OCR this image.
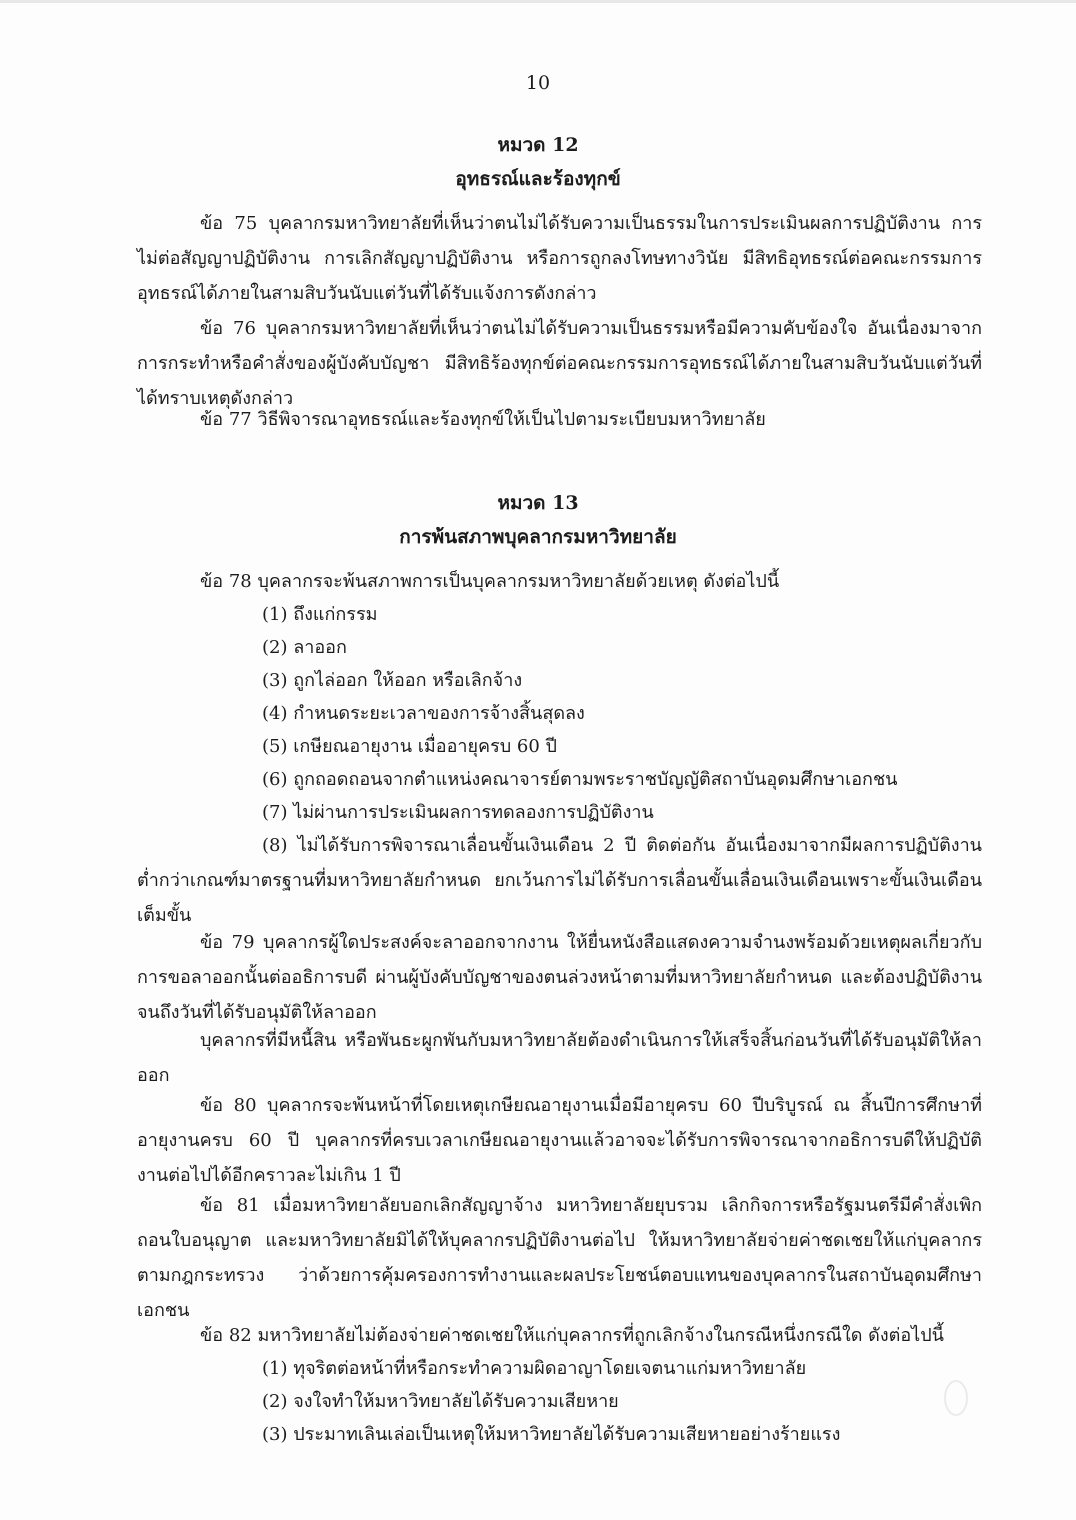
10
หมวด 12
อุทธรณ์และร้องทุกข์
ข้อ 75 บุคลากรมหาวิทยาลัยที่เห็นว่าตนไม่ได้รับความเป็นธรรมในการประเมินผลการปฏิบัติงาน การไม่ต่อสัญญาปฏิบัติงาน การเลิกสัญญาปฏิบัติงาน หรือการถูกลงโทษทางวินัย มีสิทธิอุทธรณ์ต่อคณะกรรมการอุทธรณ์ได้ภายในสามสิบวันนับแต่วันที่ได้รับแจ้งการดังกล่าว
ข้อ 76 บุคลากรมหาวิทยาลัยที่เห็นว่าตนไม่ได้รับความเป็นธรรมหรือมีความคับข้องใจ อันเนื่องมาจากการกระทำหรือคำสั่งของผู้บังคับบัญชา มีสิทธิร้องทุกข์ต่อคณะกรรมการอุทธรณ์ได้ภายในสามสิบวันนับแต่วันที่ได้ทราบเหตุดังกล่าว
ข้อ 77 วิธีพิจารณาอุทธรณ์และร้องทุกข์ให้เป็นไปตามระเบียบมหาวิทยาลัย
หมวด 13
การพ้นสภาพบุคลากรมหาวิทยาลัย
ข้อ 78 บุคลากรจะพ้นสภาพการเป็นบุคลากรมหาวิทยาลัยด้วยเหตุ ดังต่อไปนี้
(1) ถึงแก่กรรม
(2) ลาออก
(3) ถูกไล่ออก ให้ออก หรือเลิกจ้าง
(4) กำหนดระยะเวลาของการจ้างสิ้นสุดลง
(5) เกษียณอายุงาน เมื่ออายุครบ 60 ปี
(6) ถูกถอดถอนจากตำแหน่งคณาจารย์ตามพระราชบัญญัติสถาบันอุดมศึกษาเอกชน
(7) ไม่ผ่านการประเมินผลการทดลองการปฏิบัติงาน
(8) ไม่ได้รับการพิจารณาเลื่อนขั้นเงินเดือน 2 ปี ติดต่อกัน อันเนื่องมาจากมีผลการปฏิบัติงานต่ำกว่าเกณฑ์มาตรฐานที่มหาวิทยาลัยกำหนด ยกเว้นการไม่ได้รับการเลื่อนขั้นเลื่อนเงินเดือนเพราะขั้นเงินเดือนเต็มขั้น
ข้อ 79 บุคลากรผู้ใดประสงค์จะลาออกจากงาน ให้ยื่นหนังสือแสดงความจำนงพร้อมด้วยเหตุผลเกี่ยวกับการขอลาออกนั้นต่ออธิการบดี ผ่านผู้บังคับบัญชาของตนล่วงหน้าตามที่มหาวิทยาลัยกำหนด และต้องปฏิบัติงานจนถึงวันที่ได้รับอนุมัติให้ลาออก
บุคลากรที่มีหนี้สิน หรือพันธะผูกพันกับมหาวิทยาลัยต้องดำเนินการให้เสร็จสิ้นก่อนวันที่ได้รับอนุมัติให้ลาออก
ข้อ 80 บุคลากรจะพ้นหน้าที่โดยเหตุเกษียณอายุงานเมื่อมีอายุครบ 60 ปีบริบูรณ์ ณ สิ้นปีการศึกษาที่อายุงานครบ 60 ปี บุคลากรที่ครบเวลาเกษียณอายุงานแล้วอาจจะได้รับการพิจารณาจากอธิการบดีให้ปฏิบัติงานต่อไปได้อีกคราวละไม่เกิน 1 ปี
ข้อ 81 เมื่อมหาวิทยาลัยบอกเลิกสัญญาจ้าง มหาวิทยาลัยยุบรวม เลิกกิจการหรือรัฐมนตรีมีคำสั่งเพิกถอนใบอนุญาต และมหาวิทยาลัยมิได้ให้บุคลากรปฏิบัติงานต่อไป ให้มหาวิทยาลัยจ่ายค่าชดเชยให้แก่บุคลากรตามกฎกระทรวง ว่าด้วยการคุ้มครองการทำงานและผลประโยชน์ตอบแทนของบุคลากรในสถาบันอุดมศึกษาเอกชน
ข้อ 82 มหาวิทยาลัยไม่ต้องจ่ายค่าชดเชยให้แก่บุคลากรที่ถูกเลิกจ้างในกรณีหนึ่งกรณีใด ดังต่อไปนี้
(1) ทุจริตต่อหน้าที่หรือกระทำความผิดอาญาโดยเจตนาแก่มหาวิทยาลัย
(2) จงใจทำให้มหาวิทยาลัยได้รับความเสียหาย
(3) ประมาทเลินเล่อเป็นเหตุให้มหาวิทยาลัยได้รับความเสียหายอย่างร้ายแรง
